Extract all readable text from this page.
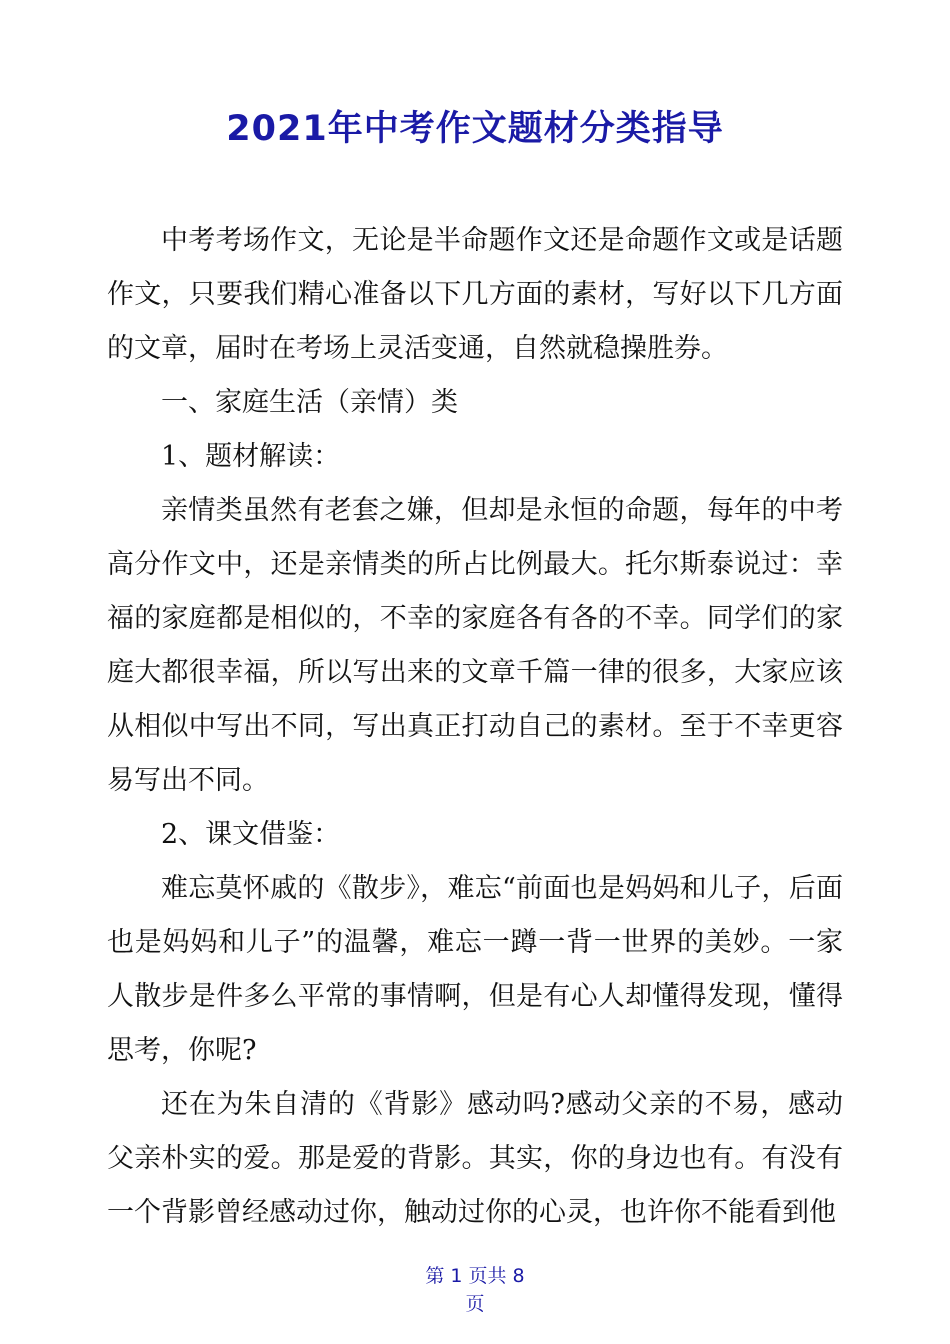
2021年中考作文题材分类指导

中考考场作文，无论是半命题作文还是命题作文或是话题作文，只要我们精心准备以下几方面的素材，写好以下几方面的文章，届时在考场上灵活变通，自然就稳操胜券。

一、家庭生活（亲情）类

1、题材解读：

亲情类虽然有老套之嫌，但却是永恒的命题，每年的中考高分作文中，还是亲情类的所占比例最大。托尔斯泰说过：幸福的家庭都是相似的，不幸的家庭各有各的不幸。同学们的家庭大都很幸福，所以写出来的文章千篇一律的很多，大家应该从相似中写出不同，写出真正打动自己的素材。至于不幸更容易写出不同。

2、课文借鉴：

难忘莫怀戚的《散步》，难忘“前面也是妈妈和儿子，后面也是妈妈和儿子”的温馨，难忘一蹲一背一世界的美妙。一家人散步是件多么平常的事情啊，但是有心人却懂得发现，懂得思考，你呢?

还在为朱自清的《背影》感动吗?感动父亲的不易，感动父亲朴实的爱。那是爱的背影。其实，你的身边也有。有没有一个背影曾经感动过你，触动过你的心灵，也许你不能看到他

第 1 页共 8
页
